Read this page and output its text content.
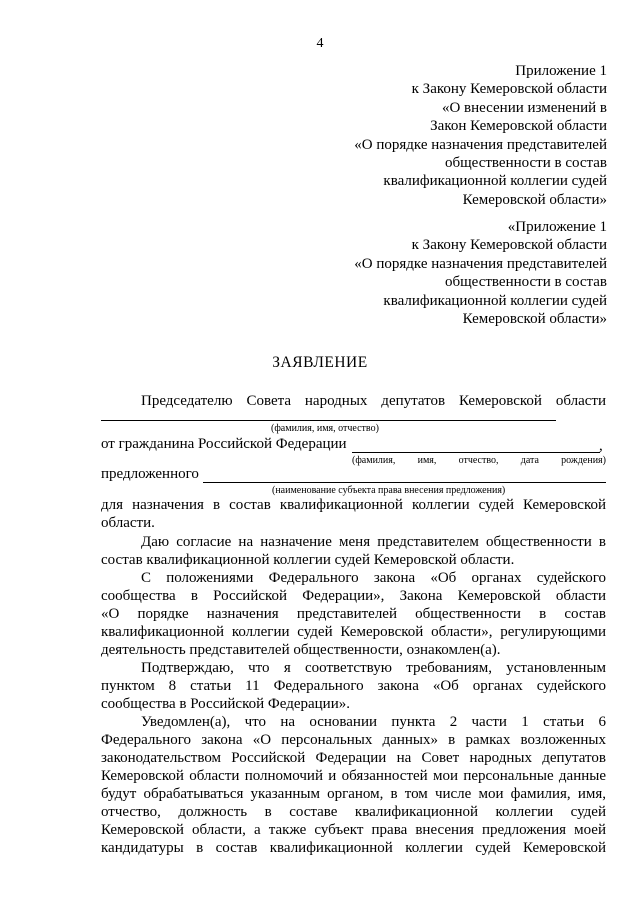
4
Приложение 1
к Закону Кемеровской области
«О внесении изменений в
Закон Кемеровской области
«О порядке назначения представителей
общественности в состав
квалификационной коллегии судей
Кемеровской области»
«Приложение 1
к Закону Кемеровской области
«О порядке назначения представителей
общественности в состав
квалификационной коллегии судей
Кемеровской области»
ЗАЯВЛЕНИЕ
Председателю Совета народных депутатов Кемеровской области
(фамилия, имя, отчество)
от гражданина Российской Федерации	,
(фамилия, имя, отчество, дата рождения)
предложенного
(наименование субъекта права внесения предложения)
для назначения в состав квалификационной коллегии судей Кемеровской
области.
Даю согласие на назначение меня представителем общественности в
состав квалификационной коллегии судей Кемеровской области.
С положениями Федерального закона «Об органах судейского
сообщества в Российской Федерации», Закона Кемеровской области
«О порядке назначения представителей общественности в состав
квалификационной коллегии судей Кемеровской области», регулирующими
деятельность представителей общественности, ознакомлен(а).
Подтверждаю, что я соответствую требованиям, установленным
пунктом 8 статьи 11 Федерального закона «Об органах судейского
сообщества в Российской Федерации».
Уведомлен(а), что на основании пункта 2 части 1 статьи 6
Федерального закона «О персональных данных» в рамках возложенных
законодательством Российской Федерации на Совет народных депутатов
Кемеровской области полномочий и обязанностей мои персональные данные
будут обрабатываться указанным органом, в том числе мои фамилия, имя,
отчество, должность в составе квалификационной коллегии судей
Кемеровской области, а также субъект права внесения предложения моей
кандидатуры в состав квалификационной коллегии судей Кемеровской
